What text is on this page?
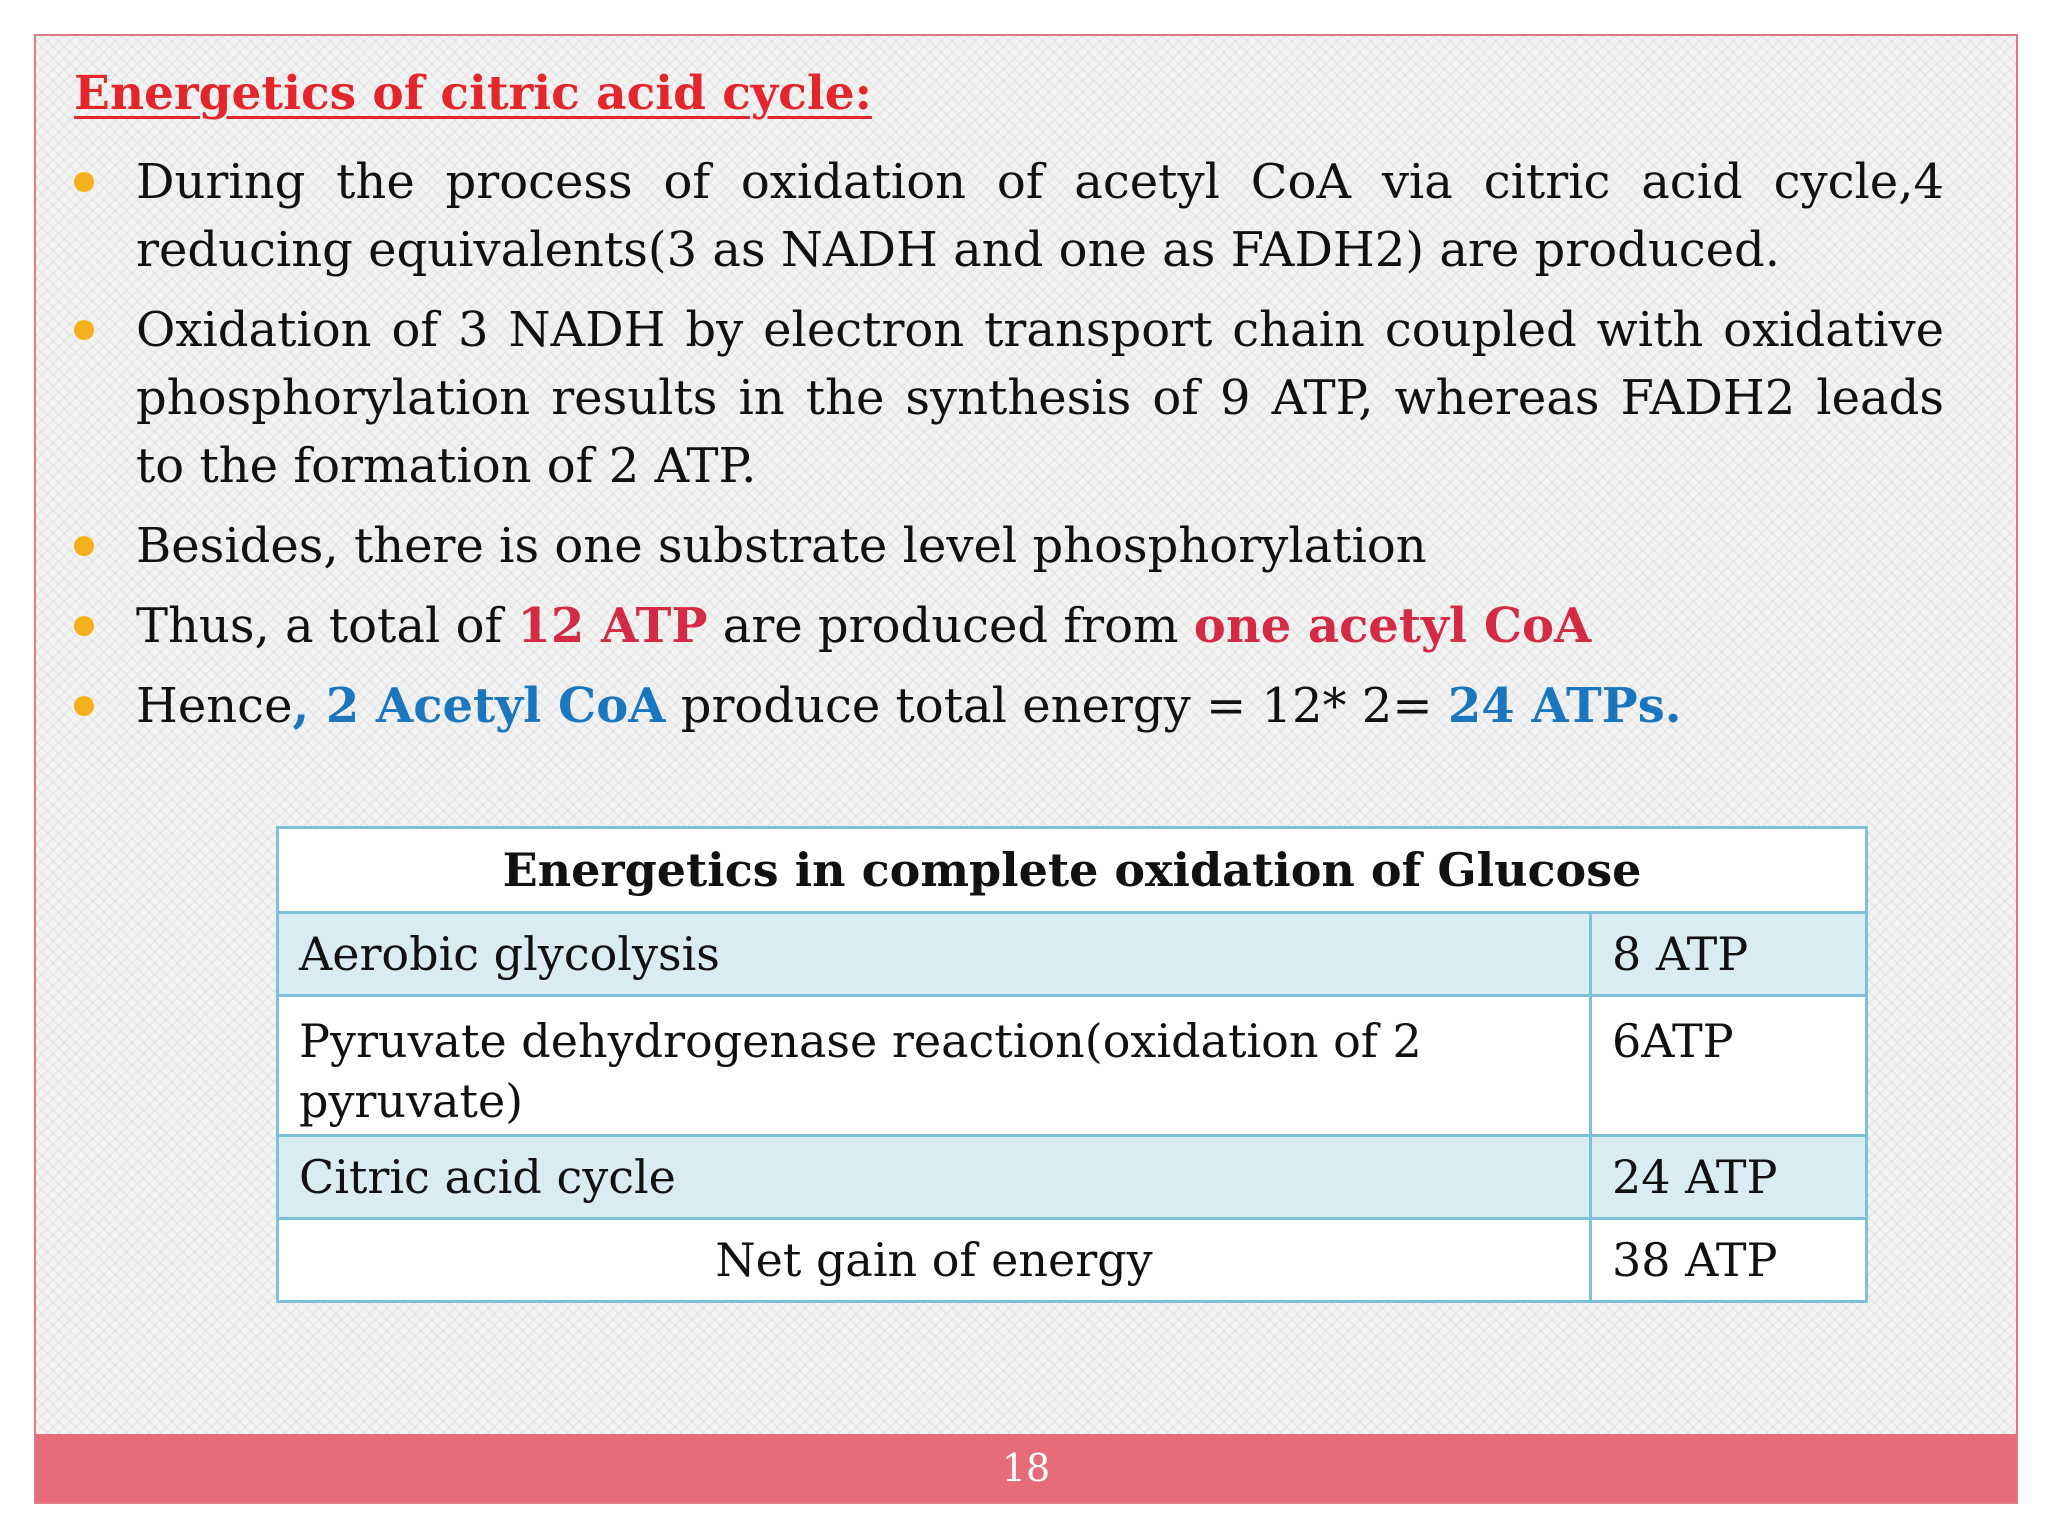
Energetics of citric acid cycle:
During the process of oxidation of acetyl CoA via citric acid cycle,4 reducing equivalents(3 as NADH and one as FADH2) are produced.
Oxidation of 3 NADH by electron transport chain coupled with oxidative phosphorylation results in the synthesis of 9 ATP, whereas FADH2 leads to the formation of 2 ATP.
Besides, there is one substrate level phosphorylation
Thus, a total of 12 ATP are produced from one acetyl CoA
Hence, 2 Acetyl CoA produce total energy = 12* 2= 24 ATPs.
Energetics in complete oxidation of Glucose	
Aerobic glycolysis	8 ATP
Pyruvate dehydrogenase reaction(oxidation of 2 pyruvate)	6ATP
Citric acid cycle	24 ATP
Net gain of energy	38 ATP
18
